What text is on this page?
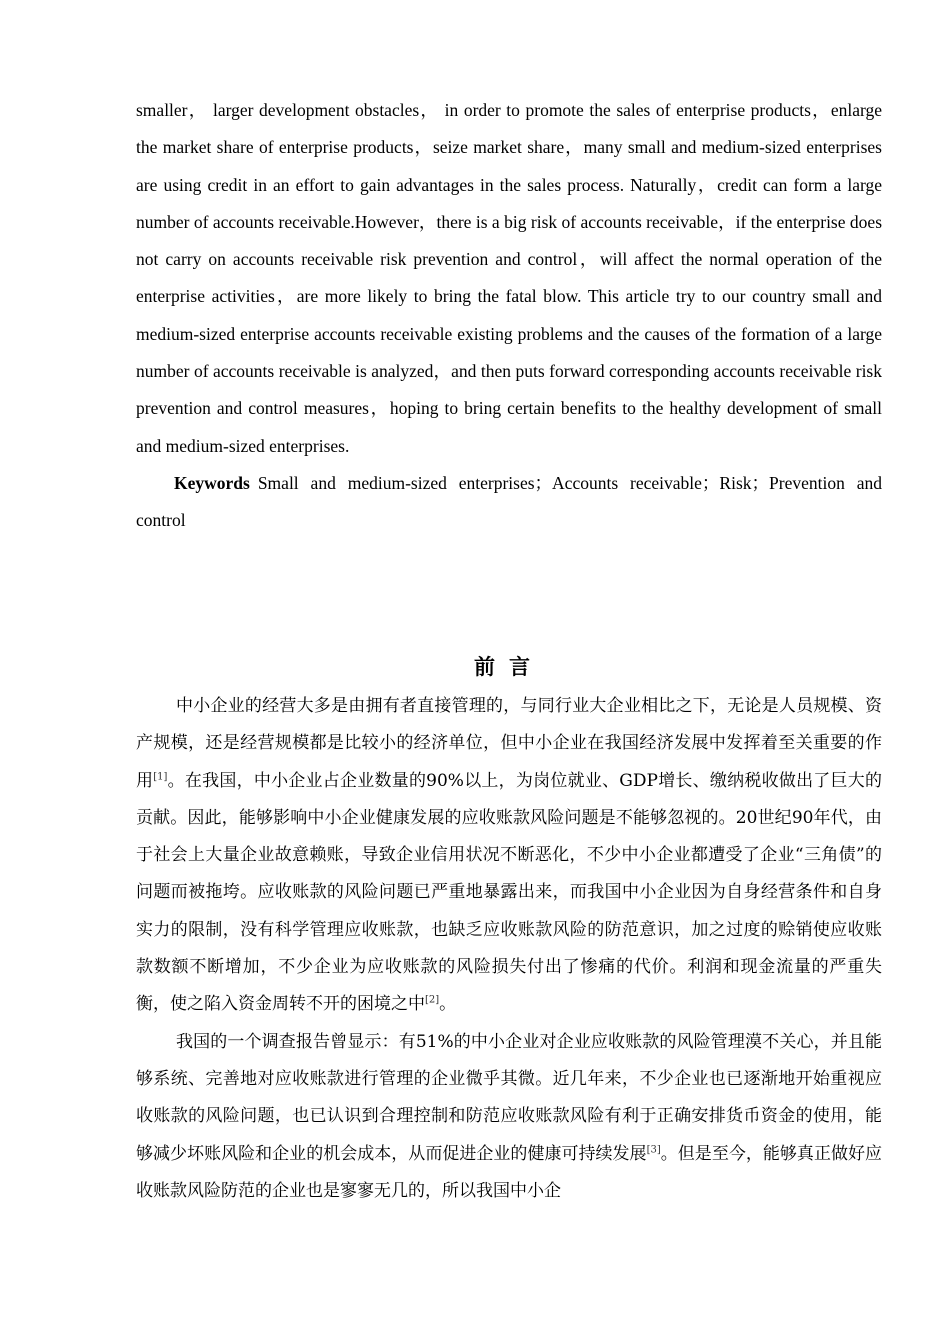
smaller， larger development obstacles， in order to promote the sales of enterprise products，enlarge the market share of enterprise products，seize market share，many small and medium-sized enterprises are using credit in an effort to gain advantages in the sales process. Naturally，credit can form a large number of accounts receivable.However，there is a big risk of accounts receivable，if the enterprise does not carry on accounts receivable risk prevention and control，will affect the normal operation of the enterprise activities，are more likely to bring the fatal blow. This article try to our country small and medium-sized enterprise accounts receivable existing problems and the causes of the formation of a large number of accounts receivable is analyzed，and then puts forward corresponding accounts receivable risk prevention and control measures，hoping to bring certain benefits to the healthy development of small and medium-sized enterprises.

Keywords Small and medium-sized enterprises；Accounts receivable；Risk；Prevention and control

前言

中小企业的经营大多是由拥有者直接管理的，与同行业大企业相比之下，无论是人员规模、资产规模，还是经营规模都是比较小的经济单位，但中小企业在我国经济发展中发挥着至关重要的作用[1]。在我国，中小企业占企业数量的90%以上，为岗位就业、GDP增长、缴纳税收做出了巨大的贡献。因此，能够影响中小企业健康发展的应收账款风险问题是不能够忽视的。20世纪90年代，由于社会上大量企业故意赖账，导致企业信用状况不断恶化，不少中小企业都遭受了企业“三角债”的问题而被拖垮。应收账款的风险问题已严重地暴露出来，而我国中小企业因为自身经营条件和自身实力的限制，没有科学管理应收账款，也缺乏应收账款风险的防范意识，加之过度的赊销使应收账款数额不断增加，不少企业为应收账款的风险损失付出了惨痛的代价。利润和现金流量的严重失衡，使之陷入资金周转不开的困境之中[2]。

我国的一个调查报告曾显示：有51%的中小企业对企业应收账款的风险管理漠不关心，并且能够系统、完善地对应收账款进行管理的企业微乎其微。近几年来，不少企业也已逐渐地开始重视应收账款的风险问题，也已认识到合理控制和防范应收账款风险有利于正确安排货币资金的使用，能够减少坏账风险和企业的机会成本，从而促进企业的健康可持续发展[3]。但是至今，能够真正做好应收账款风险防范的企业也是寥寥无几的，所以我国中小企
